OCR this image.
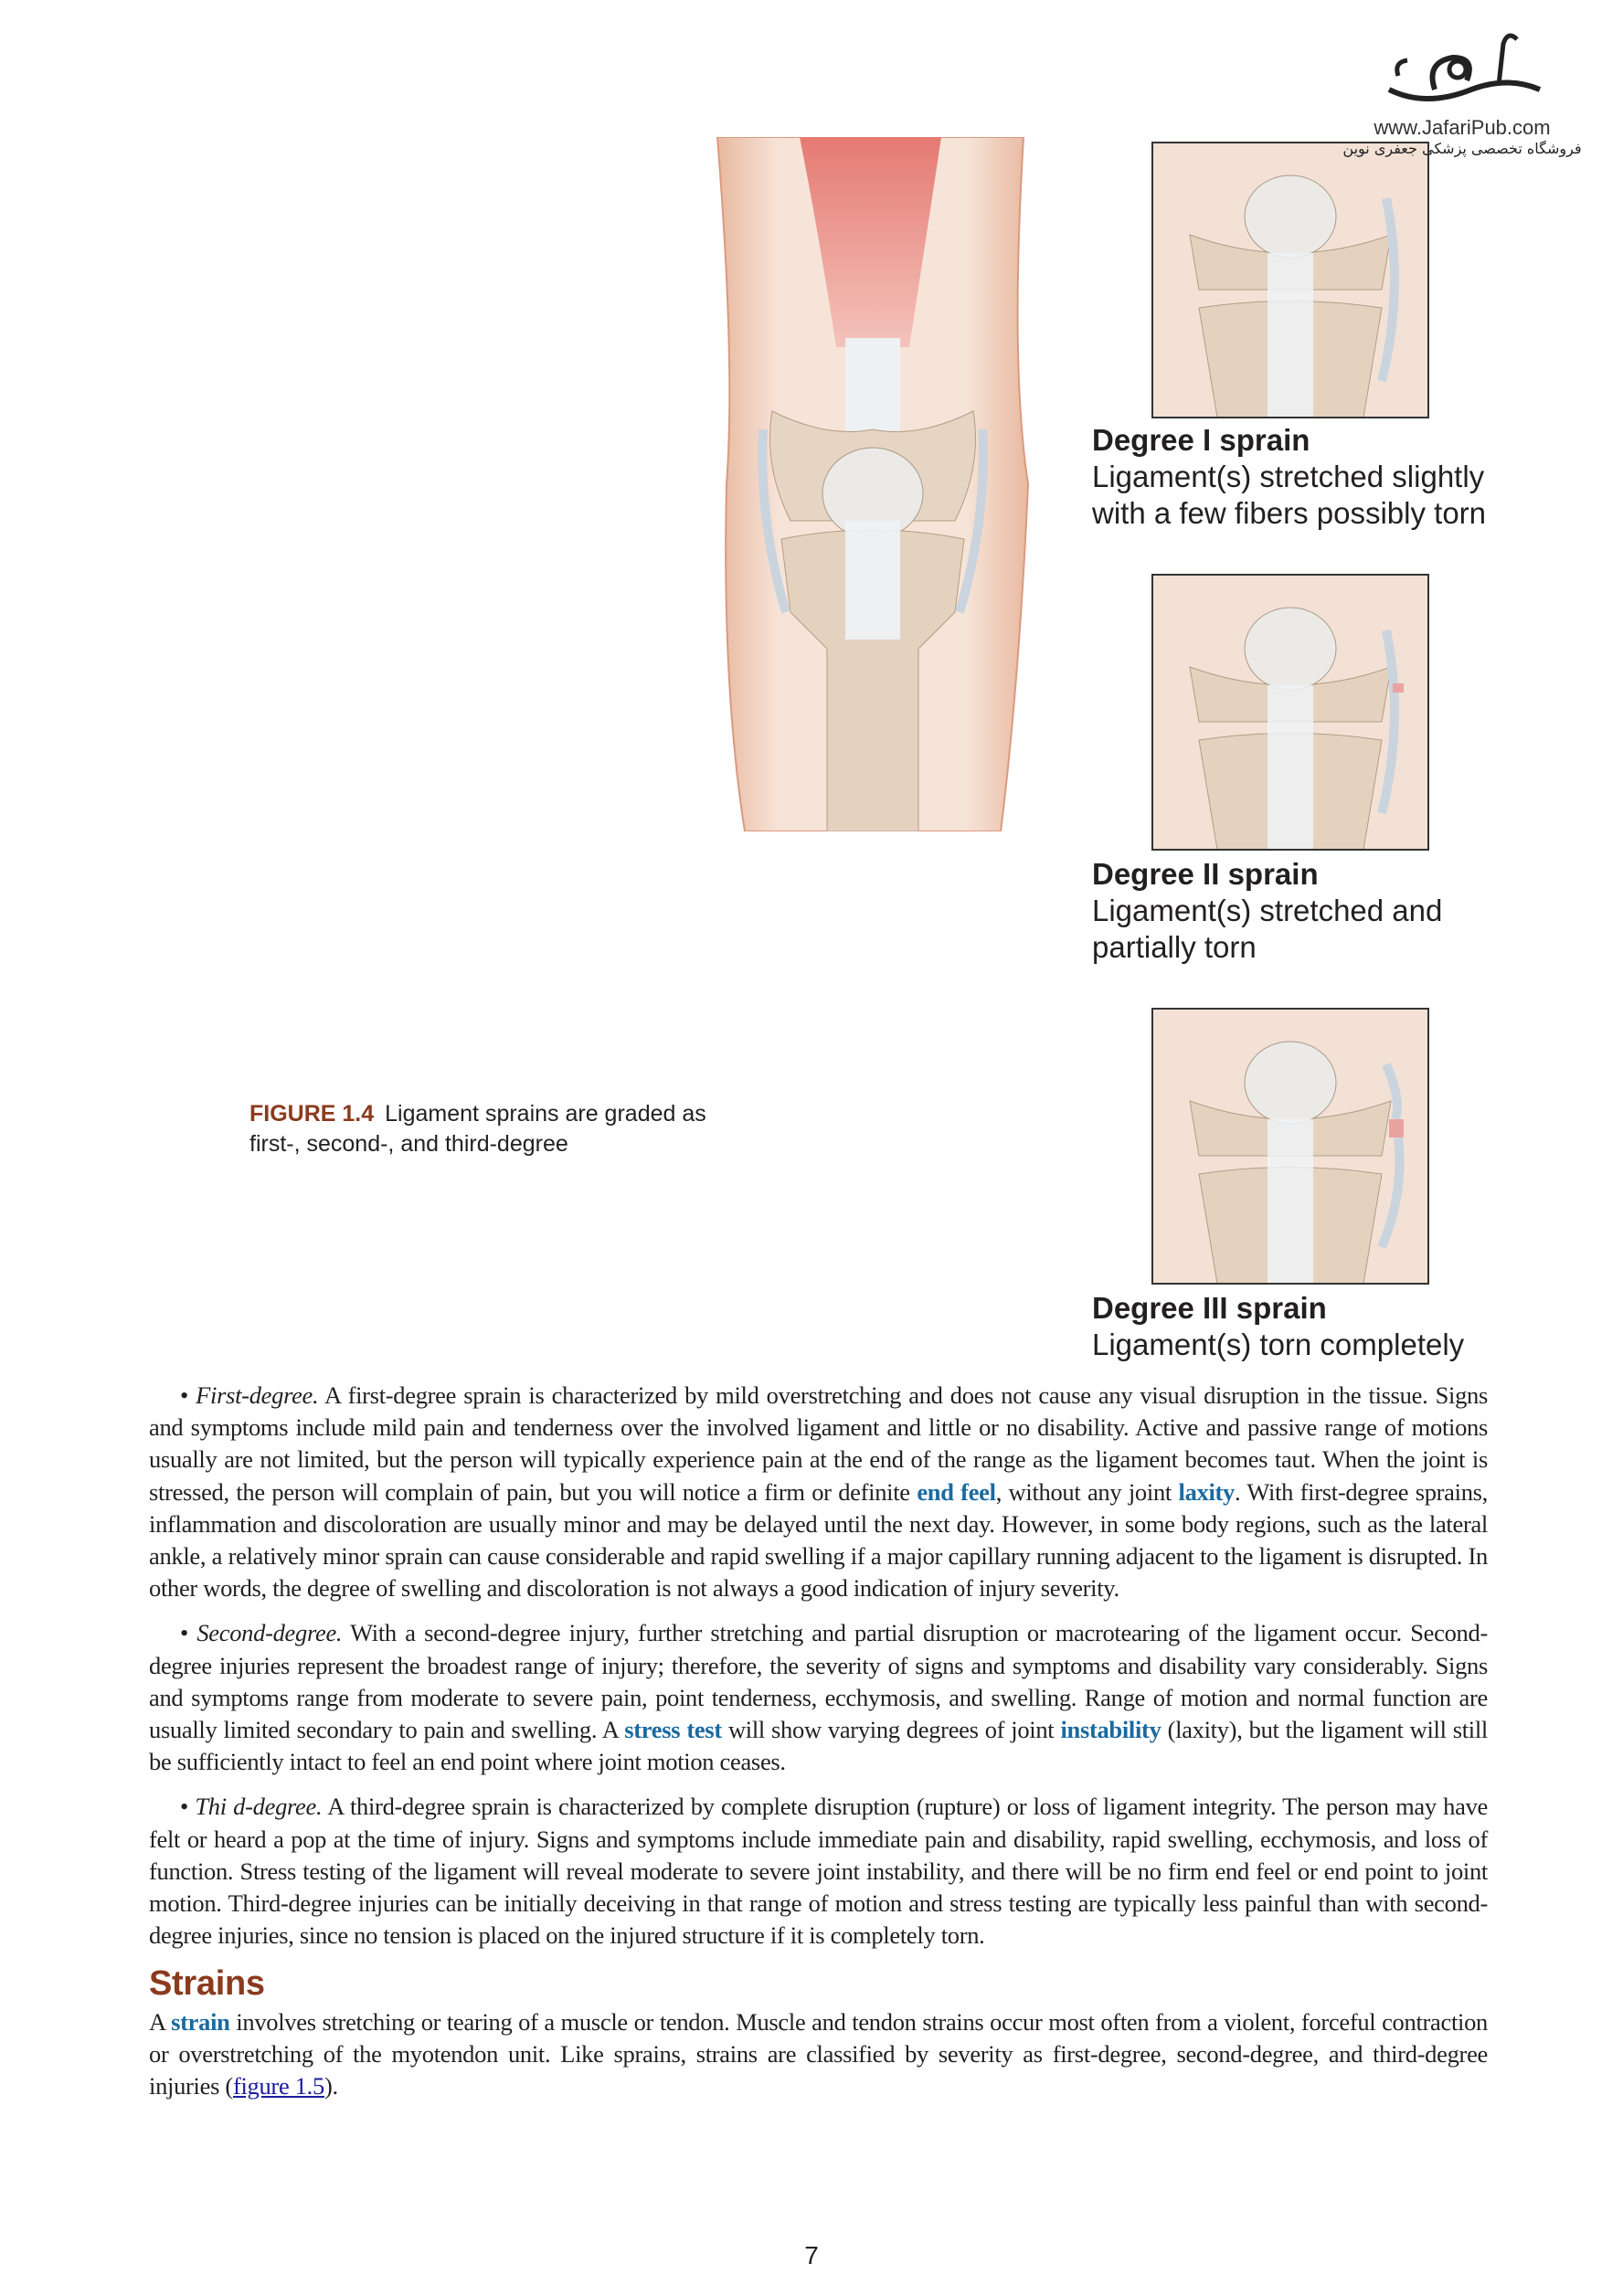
www.JafariPub.com
فروشگاه تخصصی پزشکی جعفری نوین
Degree I sprain
Ligament(s) stretched slightly
with a few fibers possibly torn
Degree II sprain
Ligament(s) stretched and
partially torn
Degree III sprain
Ligament(s) torn completely
FIGURE 1.4 Ligament sprains are graded as first-, second-, and third-degree

• First-degree. A first-degree sprain is characterized by mild overstretching and does not cause any visual disruption in the tissue. Signs and symptoms include mild pain and tenderness over the involved ligament and little or no disability. Active and passive range of motions usually are not limited, but the person will typically experience pain at the end of the range as the ligament becomes taut. When the joint is stressed, the person will complain of pain, but you will notice a firm or definite end feel, without any joint laxity. With first-degree sprains, inflammation and discoloration are usually minor and may be delayed until the next day. However, in some body regions, such as the lateral ankle, a relatively minor sprain can cause considerable and rapid swelling if a major capillary running adjacent to the ligament is disrupted. In other words, the degree of swelling and discoloration is not always a good indication of injury severity.

• Second-degree. With a second-degree injury, further stretching and partial disruption or macrotearing of the ligament occur. Second-degree injuries represent the broadest range of injury; therefore, the severity of signs and symptoms and disability vary considerably. Signs and symptoms range from moderate to severe pain, point tenderness, ecchymosis, and swelling. Range of motion and normal function are usually limited secondary to pain and swelling. A stress test will show varying degrees of joint instability (laxity), but the ligament will still be sufficiently intact to feel an end point where joint motion ceases.

• Thi d-degree. A third-degree sprain is characterized by complete disruption (rupture) or loss of ligament integrity. The person may have felt or heard a pop at the time of injury. Signs and symptoms include immediate pain and disability, rapid swelling, ecchymosis, and loss of function. Stress testing of the ligament will reveal moderate to severe joint instability, and there will be no firm end feel or end point to joint motion. Third-degree injuries can be initially deceiving in that range of motion and stress testing are typically less painful than with second-degree injuries, since no tension is placed on the injured structure if it is completely torn.

Strains

A strain involves stretching or tearing of a muscle or tendon. Muscle and tendon strains occur most often from a violent, forceful contraction or overstretching of the myotendon unit. Like sprains, strains are classified by severity as first-degree, second-degree, and third-degree injuries (figure 1.5).

7
